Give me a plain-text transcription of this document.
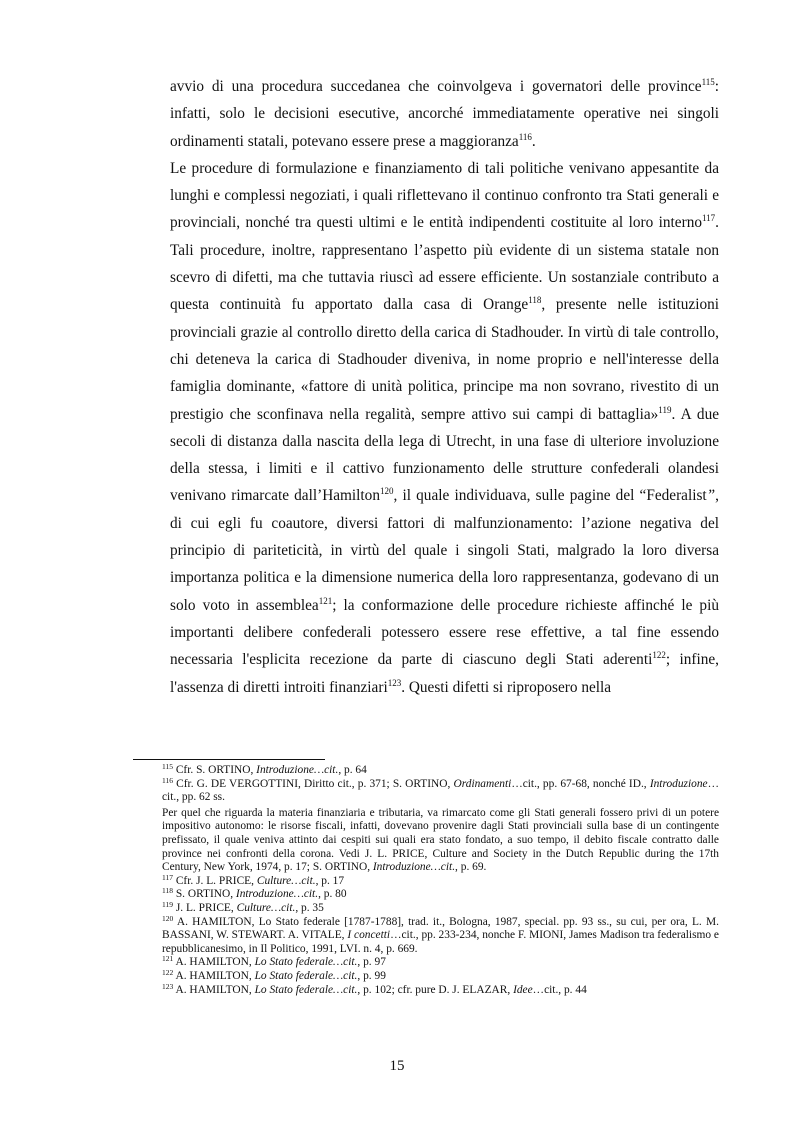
avvio di una procedura succedanea che coinvolgeva i governatori delle province$^{115}$: infatti, solo le decisioni esecutive, ancorché immediatamente operative nei singoli ordinamenti statali, potevano essere prese a maggioranza$^{116}$.

Le procedure di formulazione e finanziamento di tali politiche venivano appesantite da lunghi e complessi negoziati, i quali riflettevano il continuo confronto tra Stati generali e provinciali, nonché tra questi ultimi e le entità indipendenti costituite al loro interno$^{117}$. Tali procedure, inoltre, rappresentano l’aspetto più evidente di un sistema statale non scevro di difetti, ma che tuttavia riuscì ad essere efficiente. Un sostanziale contributo a questa continuità fu apportato dalla casa di Orange$^{118}$, presente nelle istituzioni provinciali grazie al controllo diretto della carica di Stadhouder. In virtù di tale controllo, chi deteneva la carica di Stadhouder diveniva, in nome proprio e nell'interesse della famiglia dominante, «fattore di unità politica, principe ma non sovrano, rivestito di un prestigio che sconfinava nella regalità, sempre attivo sui campi di battaglia»$^{119}$. A due secoli di distanza dalla nascita della lega di Utrecht, in una fase di ulteriore involuzione della stessa, i limiti e il cattivo funzionamento delle strutture confederali olandesi venivano rimarcate dall’Hamilton$^{120}$, il quale individuava, sulle pagine del “Federalist”, di cui egli fu coautore, diversi fattori di malfunzionamento: l’azione negativa del principio di pariteticità, in virtù del quale i singoli Stati, malgrado la loro diversa importanza politica e la dimensione numerica della loro rappresentanza, godevano di un solo voto in assemblea$^{121}$; la conformazione delle procedure richieste affinché le più importanti delibere confederali potessero essere rese effettive, a tal fine essendo necessaria l'esplicita recezione da parte di ciascuno degli Stati aderenti$^{122}$; infine, l'assenza di diretti introiti finanziari$^{123}$. Questi difetti si riproposero nella

$^{115}$ Cfr. S. ORTINO, Introduzione…cit., p. 64

$^{116}$ Cfr. G. DE VERGOTTINI, Diritto cit., p. 371; S. ORTINO, Ordinamenti…cit., pp. 67-68, nonché ID., Introduzione…cit., pp. 62 ss.

Per quel che riguarda la materia finanziaria e tributaria, va rimarcato come gli Stati generali fossero privi di un potere impositivo autonomo: le risorse fiscali, infatti, dovevano provenire dagli Stati provinciali sulla base di un contingente prefissato, il quale veniva attinto dai cespiti sui quali era stato fondato, a suo tempo, il debito fiscale contratto dalle province nei confronti della corona. Vedi J. L. PRICE, Culture and Society in the Dutch Republic during the 17th Century, New York, 1974, p. 17; S. ORTINO, Introduzione…cit., p. 69.

$^{117}$ Cfr. J. L. PRICE, Culture…cit., p. 17

$^{118}$ S. ORTINO, Introduzione…cit., p. 80

$^{119}$ J. L. PRICE, Culture…cit., p. 35

$^{120}$ A. HAMILTON, Lo Stato federale [1787-1788], trad. it., Bologna, 1987, special. pp. 93 ss., su cui, per ora, L. M. BASSANI, W. STEWART. A. VITALE, I concetti…cit., pp. 233-234, nonche F. MIONI, James Madison tra federalismo e repubblicanesimo, in Il Politico, 1991, LVI. n. 4, p. 669.

$^{121}$ A. HAMILTON, Lo Stato federale…cit., p. 97

$^{122}$ A. HAMILTON, Lo Stato federale…cit., p. 99

$^{123}$ A. HAMILTON, Lo Stato federale…cit., p. 102; cfr. pure D. J. ELAZAR, Idee…cit., p. 44

15
